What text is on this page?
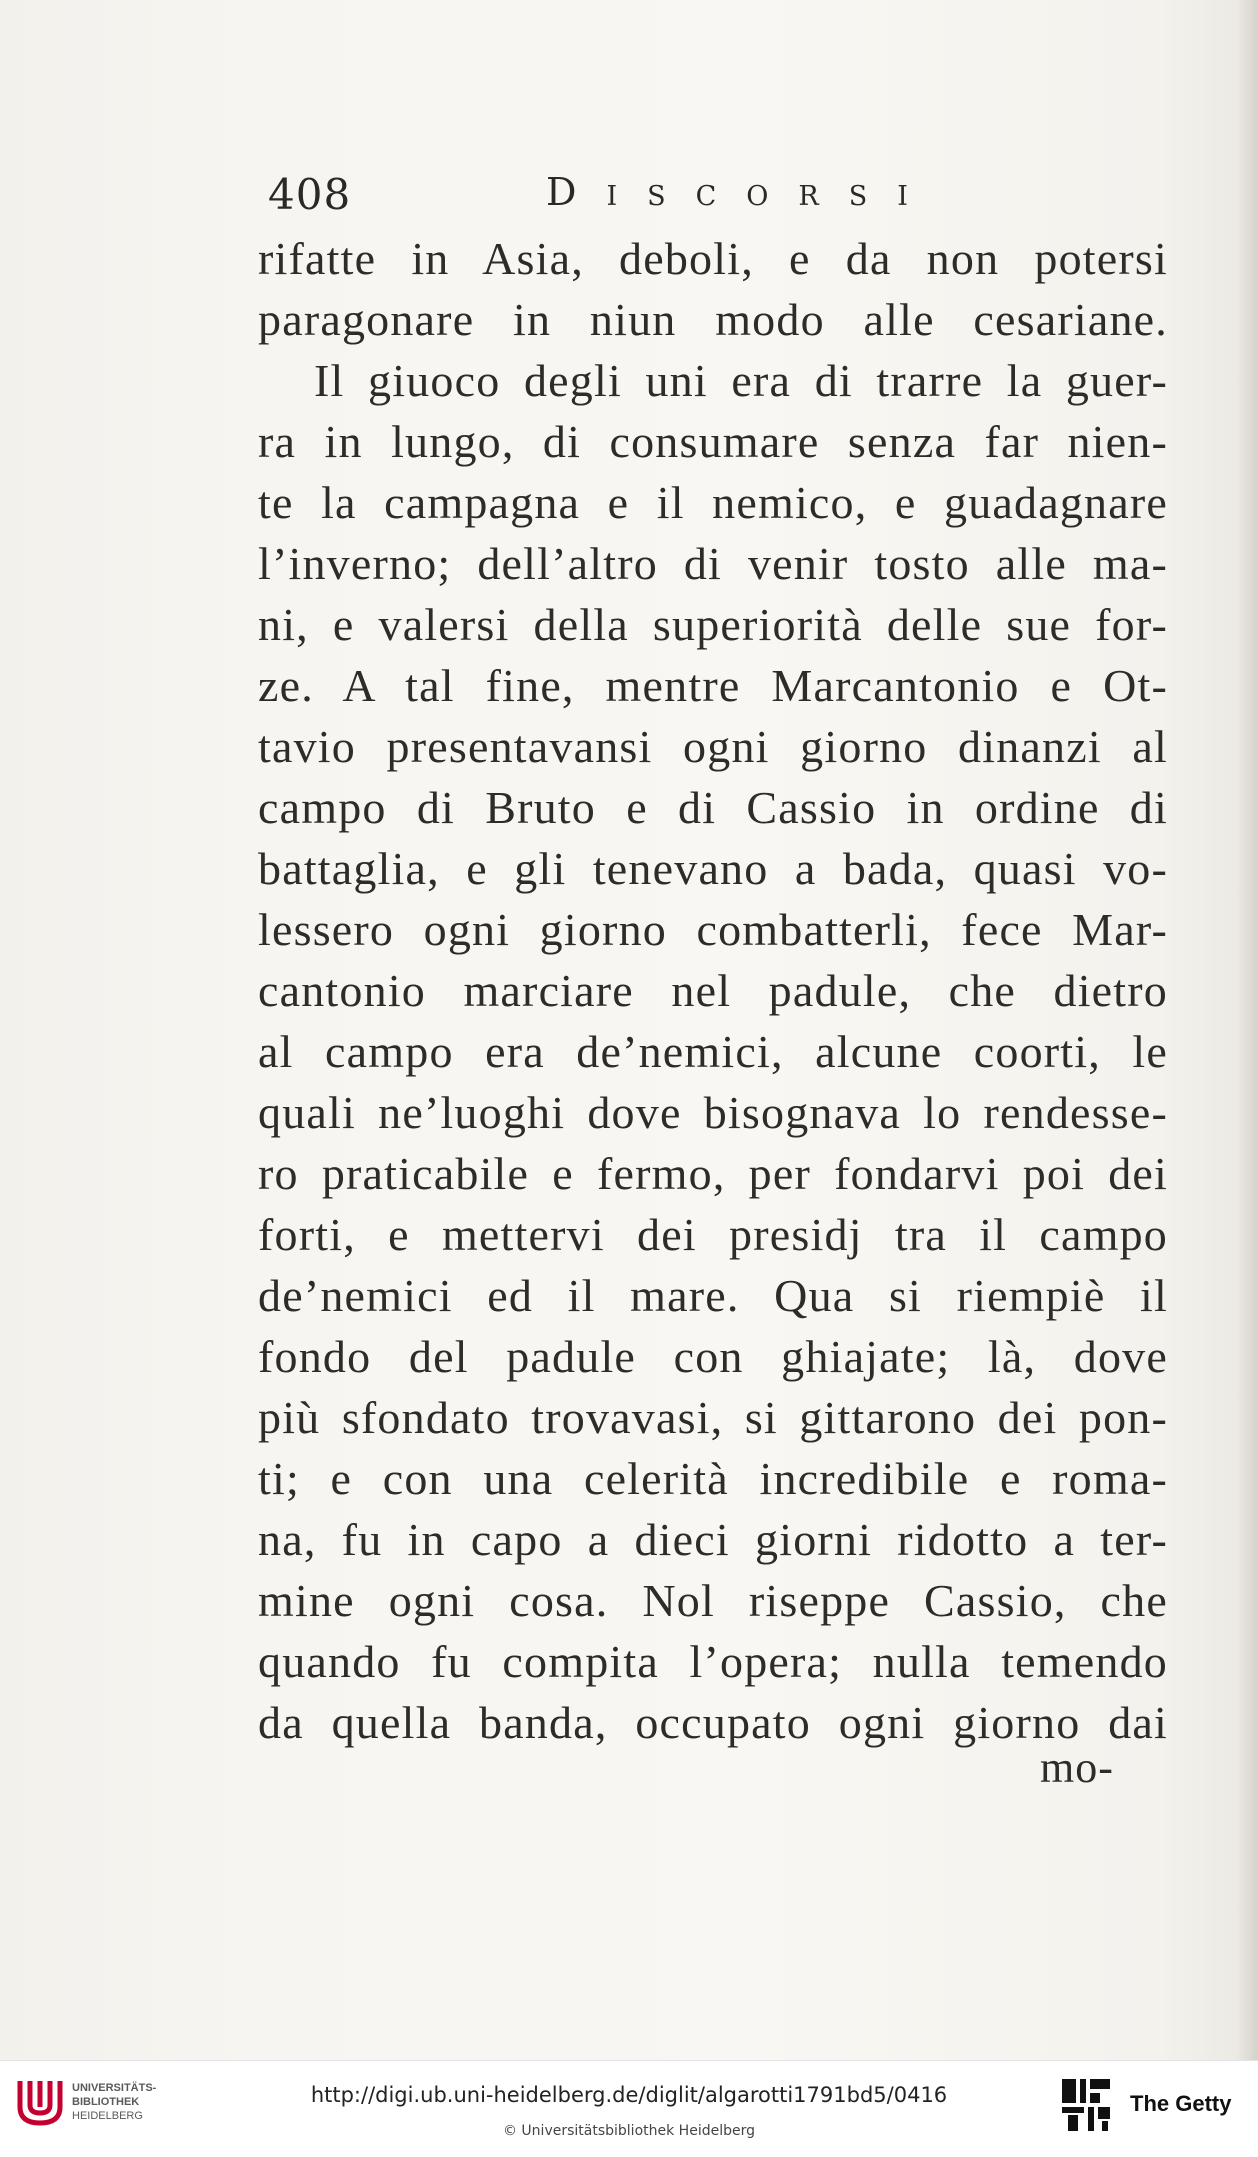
408	Discorsi
rifatte in Asia, deboli, e da non potersi
paragonare in niun modo alle cesariane.
Il giuoco degli uni era di trarre la guer-
ra in lungo, di consumare senza far nien-
te la campagna e il nemico, e guadagnare
l’inverno; dell’altro di venir tosto alle ma-
ni, e valersi della superiorità delle sue for-
ze. A tal fine, mentre Marcantonio e Ot-
tavio presentavansi ogni giorno dinanzi al
campo di Bruto e di Cassio in ordine di
battaglia, e gli tenevano a bada, quasi vo-
lessero ogni giorno combatterli, fece Mar-
cantonio marciare nel padule, che dietro
al campo era de’nemici, alcune coorti, le
quali ne’luoghi dove bisognava lo rendesse-
ro praticabile e fermo, per fondarvi poi dei
forti, e mettervi dei presidj tra il campo
de’nemici ed il mare. Qua si riempiè il
fondo del padule con ghiajate; là, dove
più sfondato trovavasi, si gittarono dei pon-
ti; e con una celerità incredibile e roma-
na, fu in capo a dieci giorni ridotto a ter-
mine ogni cosa. Nol riseppe Cassio, che
quando fu compita l’opera; nulla temendo
da quella banda, occupato ogni giorno dai
mo-
UNIVERSITÄTS-
BIBLIOTHEK
HEIDELBERG
http://digi.ub.uni-heidelberg.de/diglit/algarotti1791bd5/0416
© Universitätsbibliothek Heidelberg
The Getty
